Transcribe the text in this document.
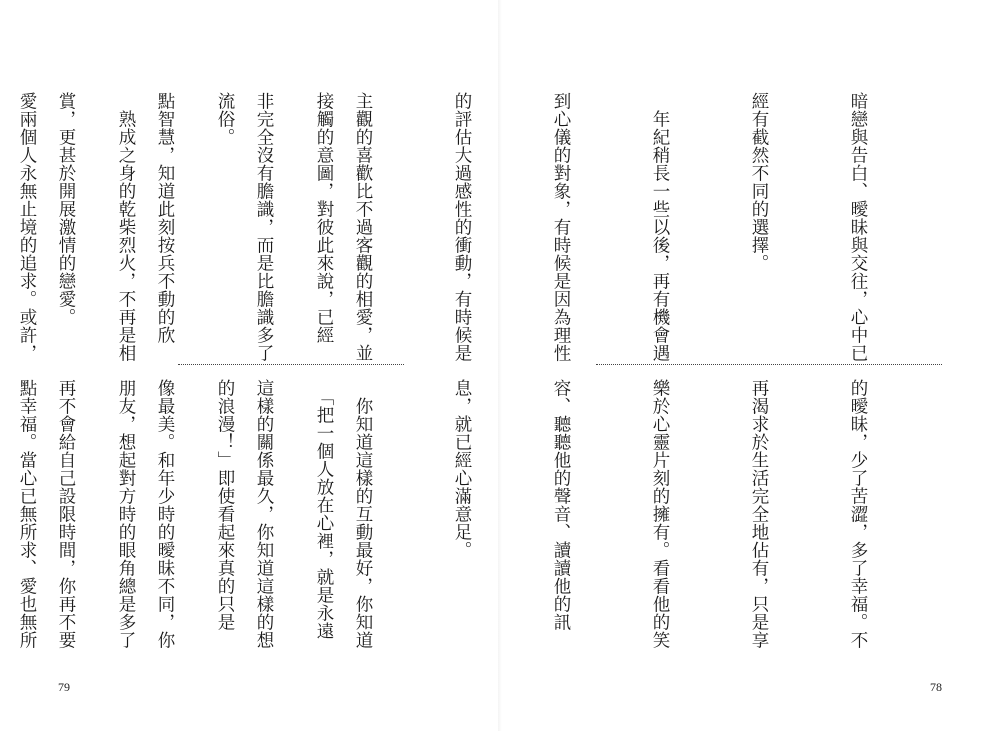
暗戀與告白、曖昧與交往，心中已

經有截然不同的選擇。

　年紀稍長一些以後，再有機會遇

到心儀的對象，有時候是因為理性

的評估大過感性的衝動，有時候是

主觀的喜歡比不過客觀的相愛，並

非完全沒有膽識，而是比膽識多了

點智慧，知道此刻按兵不動的欣

賞，更甚於開展激情的戀愛。

的曖昧，少了苦澀，多了幸福。不

再渴求於生活完全地佔有，只是享

樂於心靈片刻的擁有。看看他的笑

容、聽聽他的聲音、讀讀他的訊

息，就已經心滿意足。

　你知道這樣的互動最好，你知道

這樣的關係最久，你知道這樣的想

像最美。和年少時的曖昧不同，你

再不會給自己設限時間，你再不要

78

接觸的意圖，對彼此來說，已經

流俗。

　熟成之身的乾柴烈火，不再是相

愛兩個人永無止境的追求。或許，

　「把一個人放在心裡，就是永遠

的浪漫！」即使看起來真的只是

朋友，想起對方時的眼角總是多了

點幸福。當心已無所求、愛也無所

79
